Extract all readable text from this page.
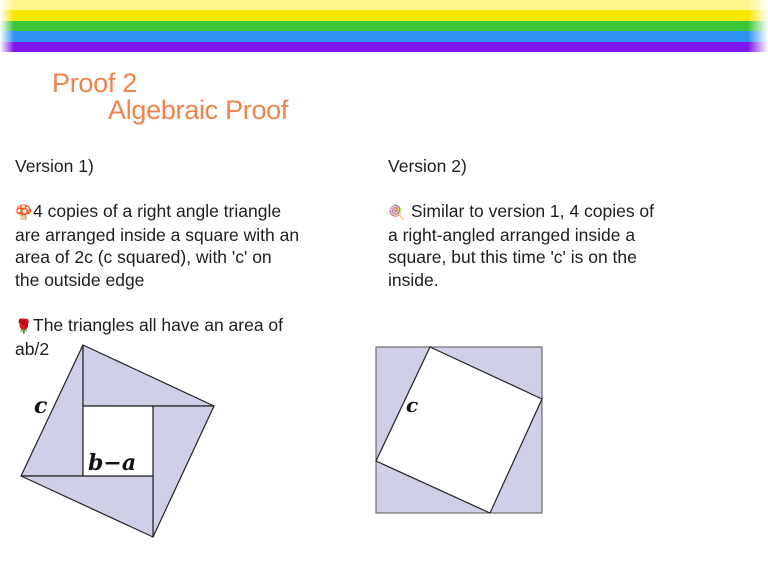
Proof 2
Algebraic Proof

Version 1)

🍄4 copies of a right angle triangle
are arranged inside a square with an
area of 2c (c squared), with 'c' on
the outside edge

🌹The triangles all have an area of
ab/2

Version 2)

🍭 Similar to version 1, 4 copies of
a right-angled arranged inside a
square, but this time 'c' is on the
inside.

c
b−a
c
